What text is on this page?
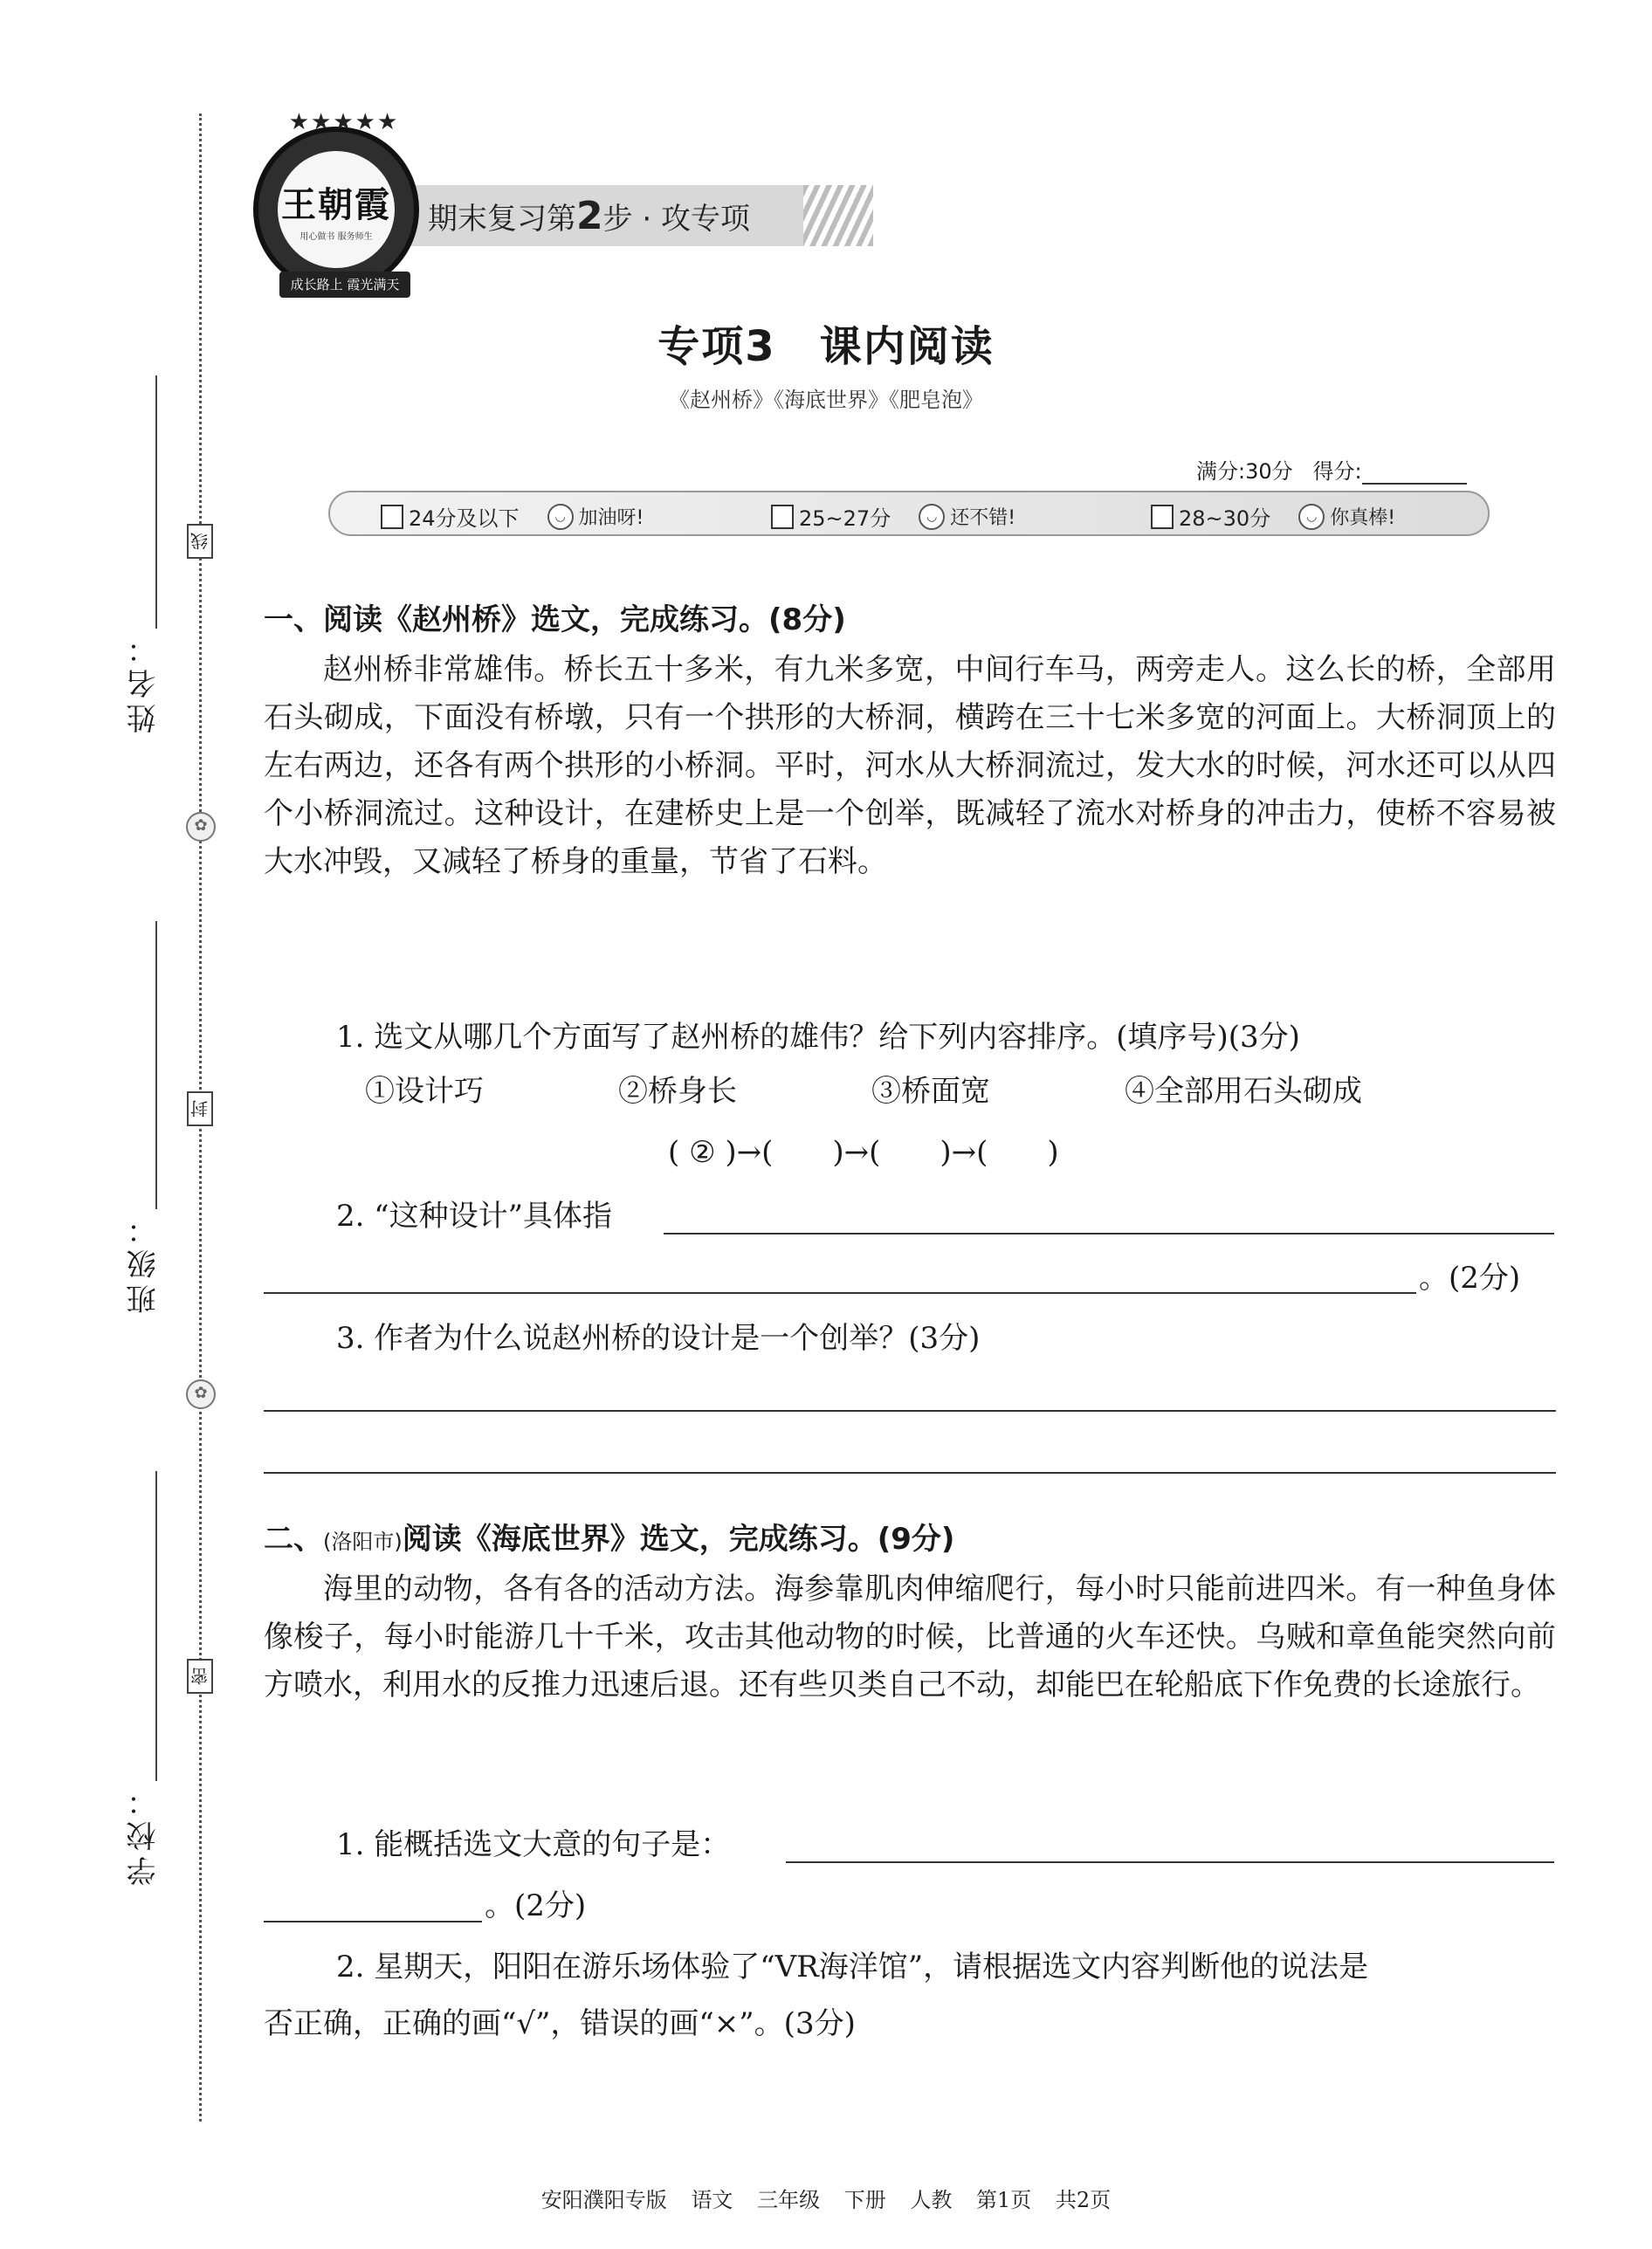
姓名：
班级：
学校：
线
封
密
✿
✿
期末复习第2步 · 攻专项
★★★★★
王朝霞
用心做书 服务师生
成长路上 霞光满天
专项3　课内阅读
《赵州桥》《海底世界》《肥皂泡》
满分:30分 得分:
24分及以下	◡ 加油呀!	25~27分	◡ 还不错!	28~30分	◡ 你真棒!
一、阅读《赵州桥》选文，完成练习。(8分)
赵州桥非常雄伟。桥长五十多米，有九米多宽，中间行车马，两旁走人。这么长的桥，全部用石头砌成，下面没有桥墩，只有一个拱形的大桥洞，横跨在三十七米多宽的河面上。大桥洞顶上的左右两边，还各有两个拱形的小桥洞。平时，河水从大桥洞流过，发大水的时候，河水还可以从四个小桥洞流过。这种设计，在建桥史上是一个创举，既减轻了流水对桥身的冲击力，使桥不容易被大水冲毁，又减轻了桥身的重量，节省了石料。
1. 选文从哪几个方面写了赵州桥的雄伟？给下列内容排序。(填序号)(3分)
①设计巧	②桥身长	③桥面宽	④全部用石头砌成
( ② )→(　　)→(　　)→(　　)
2. “这种设计”具体指
。(2分)
3. 作者为什么说赵州桥的设计是一个创举？(3分)
二、(洛阳市)阅读《海底世界》选文，完成练习。(9分)
海里的动物，各有各的活动方法。海参靠肌肉伸缩爬行，每小时只能前进四米。有一种鱼身体像梭子，每小时能游几十千米，攻击其他动物的时候，比普通的火车还快。乌贼和章鱼能突然向前方喷水，利用水的反推力迅速后退。还有些贝类自己不动，却能巴在轮船底下作免费的长途旅行。
1. 能概括选文大意的句子是：
。(2分)
2. 星期天，阳阳在游乐场体验了“VR海洋馆”，请根据选文内容判断他的说法是
否正确，正确的画“√”，错误的画“×”。(3分)
安阳濮阳专版 语文 三年级 下册 人教 第1页 共2页
